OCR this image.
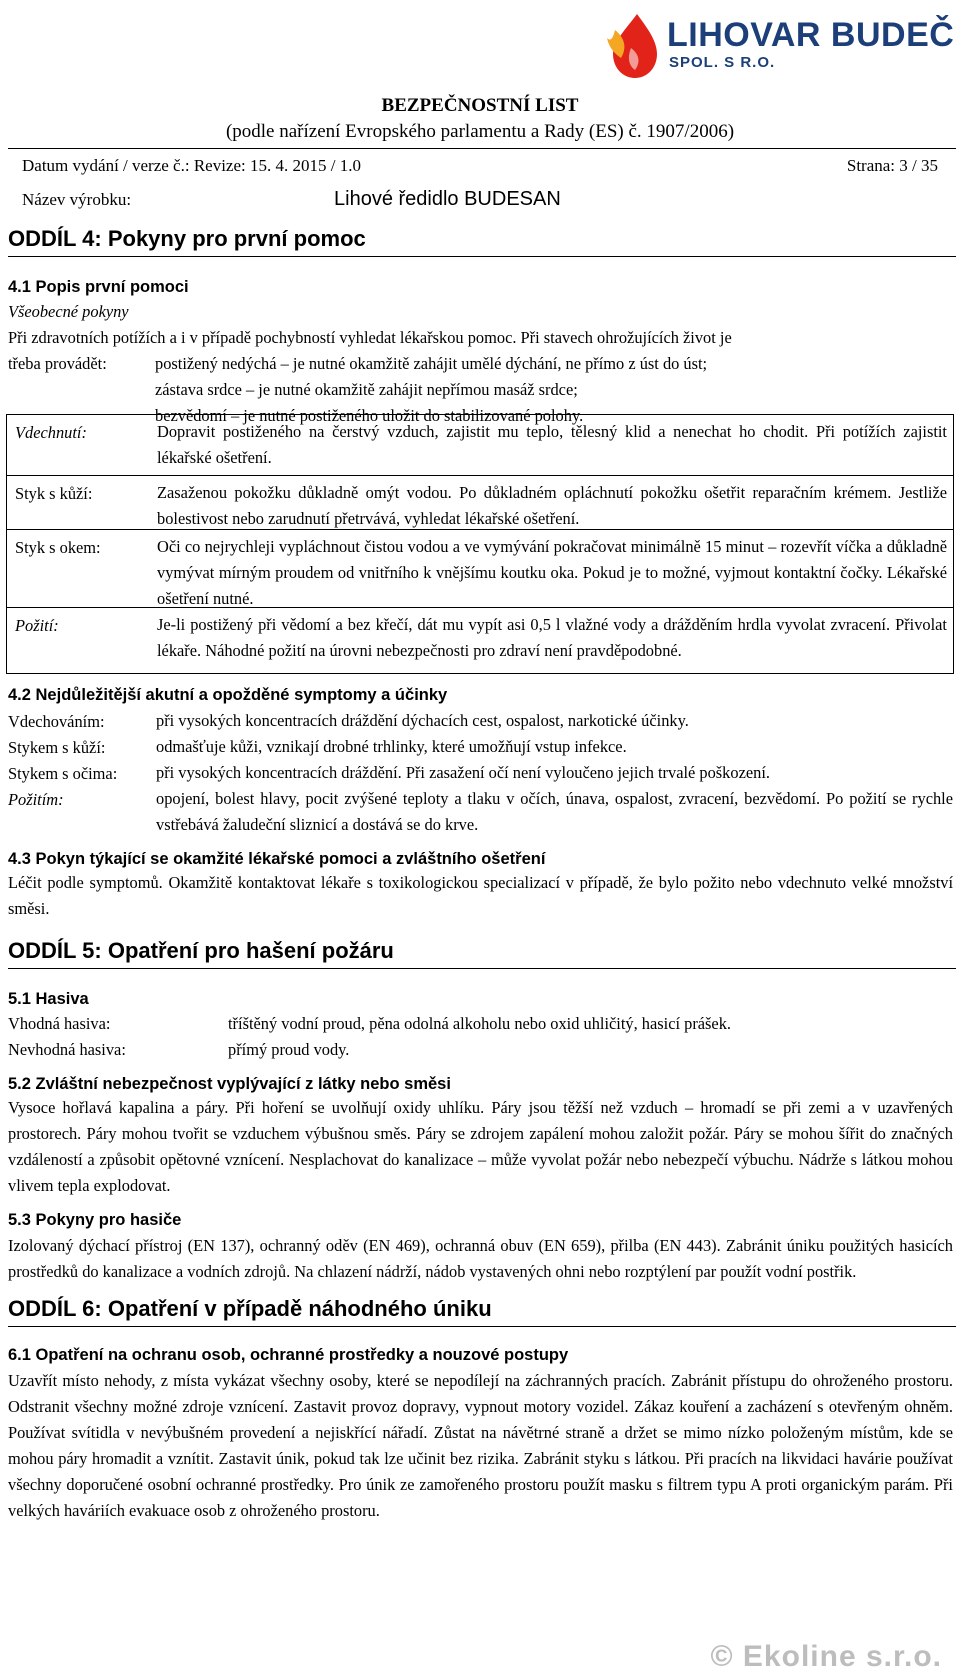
LIHOVAR BUDEČ
SPOL. S R.O.
BEZPEČNOSTNÍ LIST
(podle nařízení Evropského parlamentu a Rady (ES) č. 1907/2006)
Datum vydání / verze č.: Revize: 15. 4. 2015 / 1.0	Strana: 3 / 35
Název výrobku:	Lihové ředidlo BUDESAN
ODDÍL 4: Pokyny pro první pomoc
4.1 Popis první pomoci
Všeobecné pokyny
Při zdravotních potížích a i v případě pochybností vyhledat lékařskou pomoc. Při stavech ohrožujících život je
třeba provádět:	postižený nedýchá – je nutné okamžitě zahájit umělé dýchání, ne přímo z úst do úst;
zástava srdce – je nutné okamžitě zahájit nepřímou masáž srdce;
bezvědomí – je nutné postiženého uložit do stabilizované polohy.
Vdechnutí:	Dopravit postiženého na čerstvý vzduch, zajistit mu teplo, tělesný klid a nenechat ho chodit. Při potížích zajistit lékařské ošetření.
Styk s kůží:	Zasaženou pokožku důkladně omýt vodou. Po důkladném opláchnutí pokožku ošetřit reparačním krémem. Jestliže bolestivost nebo zarudnutí přetrvává, vyhledat lékařské ošetření.
Styk s okem:	Oči co nejrychleji vypláchnout čistou vodou a ve vymývání pokračovat minimálně 15 minut – rozevřít víčka a důkladně vymývat mírným proudem od vnitřního k vnějšímu koutku oka. Pokud je to možné, vyjmout kontaktní čočky. Lékařské ošetření nutné.
Požití:	Je-li postižený při vědomí a bez křečí, dát mu vypít asi 0,5 l vlažné vody a drážděním hrdla vyvolat zvracení. Přivolat lékaře. Náhodné požití na úrovni nebezpečnosti pro zdraví není pravděpodobné.
4.2 Nejdůležitější akutní a opožděné symptomy a účinky
Vdechováním:	při vysokých koncentracích dráždění dýchacích cest, ospalost, narkotické účinky.
Stykem s kůží:	odmašťuje kůži, vznikají drobné trhlinky, které umožňují vstup infekce.
Stykem s očima: při vysokých koncentracích dráždění. Při zasažení očí není vyloučeno jejich trvalé poškození.
Požitím:	opojení, bolest hlavy, pocit zvýšené teploty a tlaku v očích, únava, ospalost, zvracení, bezvědomí. Po požití se rychle vstřebává žaludeční sliznicí a dostává se do krve.
4.3 Pokyn týkající se okamžité lékařské pomoci a zvláštního ošetření
Léčit podle symptomů. Okamžitě kontaktovat lékaře s toxikologickou specializací v případě, že bylo požito nebo vdechnuto velké množství směsi.
ODDÍL 5: Opatření pro hašení požáru
5.1 Hasiva
Vhodná hasiva:	tříštěný vodní proud, pěna odolná alkoholu nebo oxid uhličitý, hasicí prášek.
Nevhodná hasiva:	přímý proud vody.
5.2 Zvláštní nebezpečnost vyplývající z látky nebo směsi
Vysoce hořlavá kapalina a páry. Při hoření se uvolňují oxidy uhlíku. Páry jsou těžší než vzduch – hromadí se při zemi a v uzavřených prostorech. Páry mohou tvořit se vzduchem výbušnou směs. Páry se zdrojem zapálení mohou založit požár. Páry se mohou šířit do značných vzdáleností a způsobit opětovné vznícení. Nesplachovat do kanalizace – může vyvolat požár nebo nebezpečí výbuchu. Nádrže s látkou mohou vlivem tepla explodovat.
5.3 Pokyny pro hasiče
Izolovaný dýchací přístroj (EN 137), ochranný oděv (EN 469), ochranná obuv (EN 659), přilba (EN 443). Zabránit úniku použitých hasicích prostředků do kanalizace a vodních zdrojů. Na chlazení nádrží, nádob vystavených ohni nebo rozptýlení par použít vodní postřik.
ODDÍL 6: Opatření v případě náhodného úniku
6.1 Opatření na ochranu osob, ochranné prostředky a nouzové postupy
Uzavřít místo nehody, z místa vykázat všechny osoby, které se nepodílejí na záchranných pracích. Zabránit přístupu do ohroženého prostoru. Odstranit všechny možné zdroje vznícení. Zastavit provoz dopravy, vypnout motory vozidel. Zákaz kouření a zacházení s otevřeným ohněm. Používat svítidla v nevýbušném provedení a nejiskřící nářadí. Zůstat na návětrné straně a držet se mimo nízko položeným místům, kde se mohou páry hromadit a vznítit. Zastavit únik, pokud tak lze učinit bez rizika. Zabránit styku s látkou. Při pracích na likvidaci havárie používat všechny doporučené osobní ochranné prostředky. Pro únik ze zamořeného prostoru použít masku s filtrem typu A proti organickým parám. Při velkých haváriích evakuace osob z ohroženého prostoru.
© Ekoline s.r.o.
